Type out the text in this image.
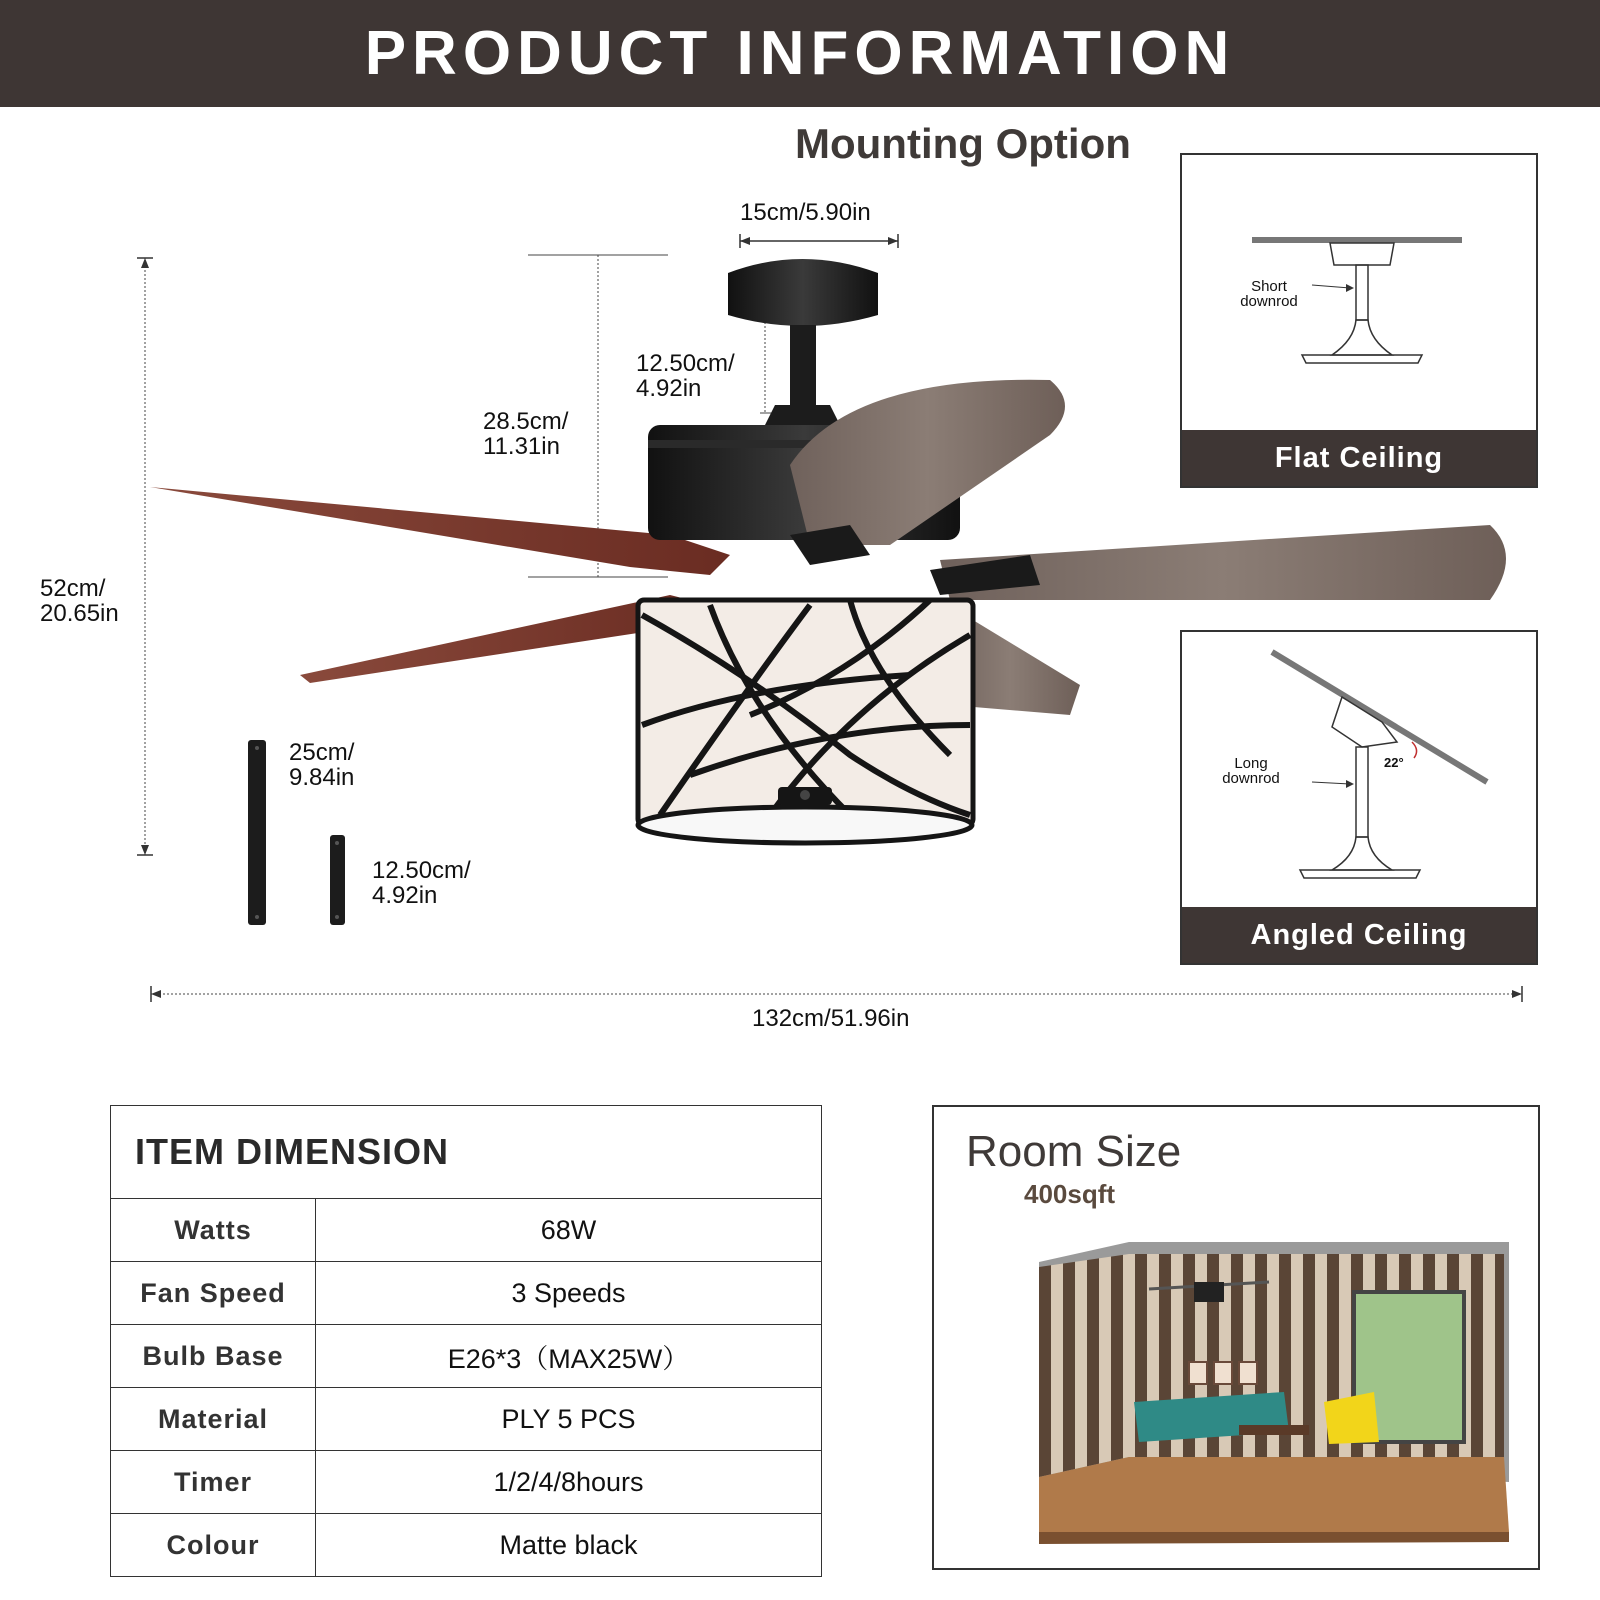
PRODUCT INFORMATION
Mounting Option
15cm/5.90in
12.50cm/
4.92in
28.5cm/
11.31in
52cm/
20.65in
25cm/
9.84in
12.50cm/
4.92in
132cm/51.96in
Short
downrod
Flat Ceiling
22°
Long
downrod
Angled Ceiling
ITEM DIMENSION	
Watts	68W
Fan Speed	3 Speeds
Bulb Base	E26*3（MAX25W）
Material	PLY 5 PCS
Timer	1/2/4/8hours
Colour	Matte black
Room Size
400sqft
